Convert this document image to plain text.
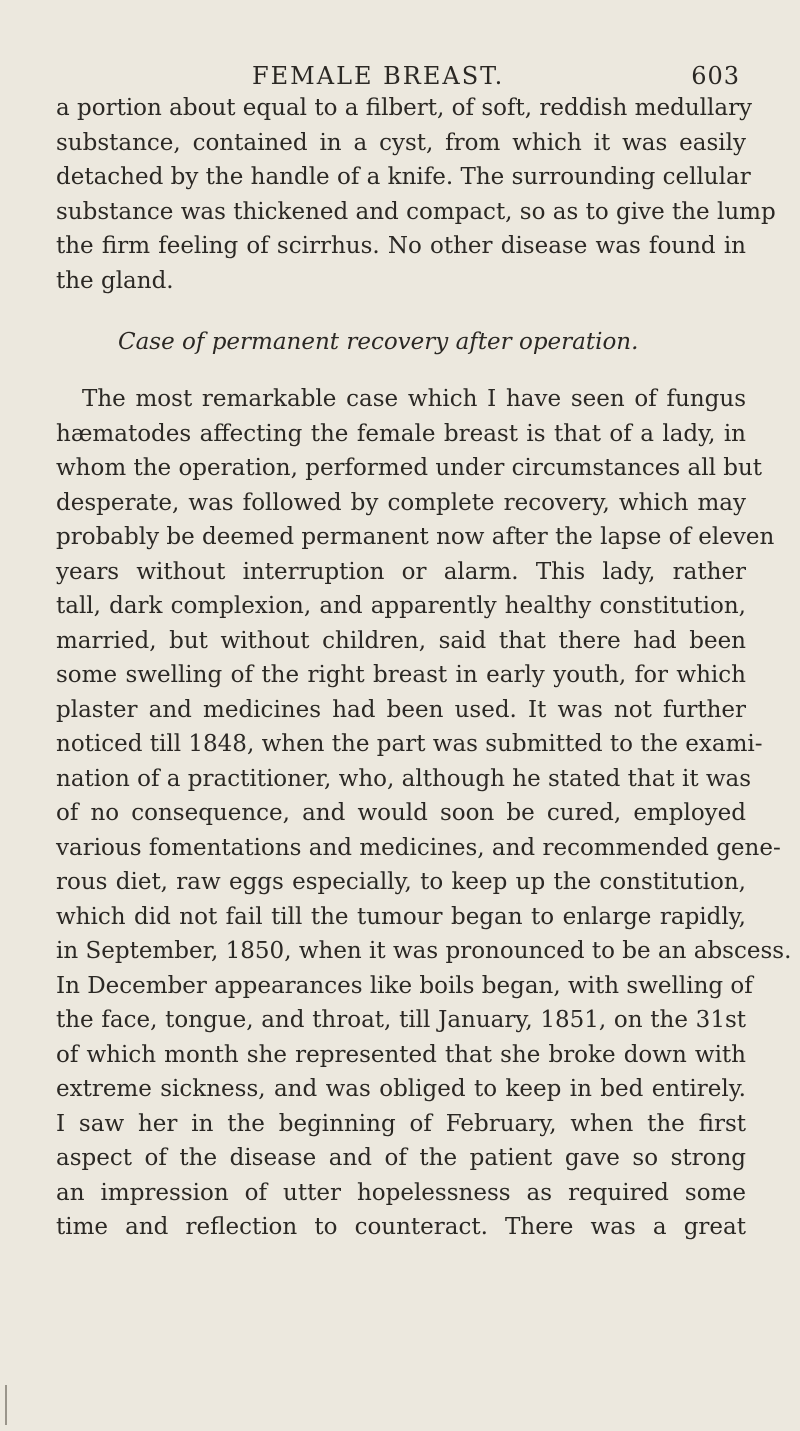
FEMALE BREAST.	603
a portion about equal to a filbert, of soft, reddish medullary
substance, contained in a cyst, from which it was easily
detached by the handle of a knife. The surrounding cellular
substance was thickened and compact, so as to give the lump
the firm feeling of scirrhus. No other disease was found in
the gland.
Case of permanent recovery after operation.
The most remarkable case which I have seen of fungus
hæmatodes affecting the female breast is that of a lady, in
whom the operation, performed under circumstances all but
desperate, was followed by complete recovery, which may
probably be deemed permanent now after the lapse of eleven
years without interruption or alarm. This lady, rather
tall, dark complexion, and apparently healthy constitution,
married, but without children, said that there had been
some swelling of the right breast in early youth, for which
plaster and medicines had been used. It was not further
noticed till 1848, when the part was submitted to the exami-
nation of a practitioner, who, although he stated that it was
of no consequence, and would soon be cured, employed
various fomentations and medicines, and recommended gene-
rous diet, raw eggs especially, to keep up the constitution,
which did not fail till the tumour began to enlarge rapidly,
in September, 1850, when it was pronounced to be an abscess.
In December appearances like boils began, with swelling of
the face, tongue, and throat, till January, 1851, on the 31st
of which month she represented that she broke down with
extreme sickness, and was obliged to keep in bed entirely.
I saw her in the beginning of February, when the first
aspect of the disease and of the patient gave so strong
an impression of utter hopelessness as required some
time and reflection to counteract. There was a great
